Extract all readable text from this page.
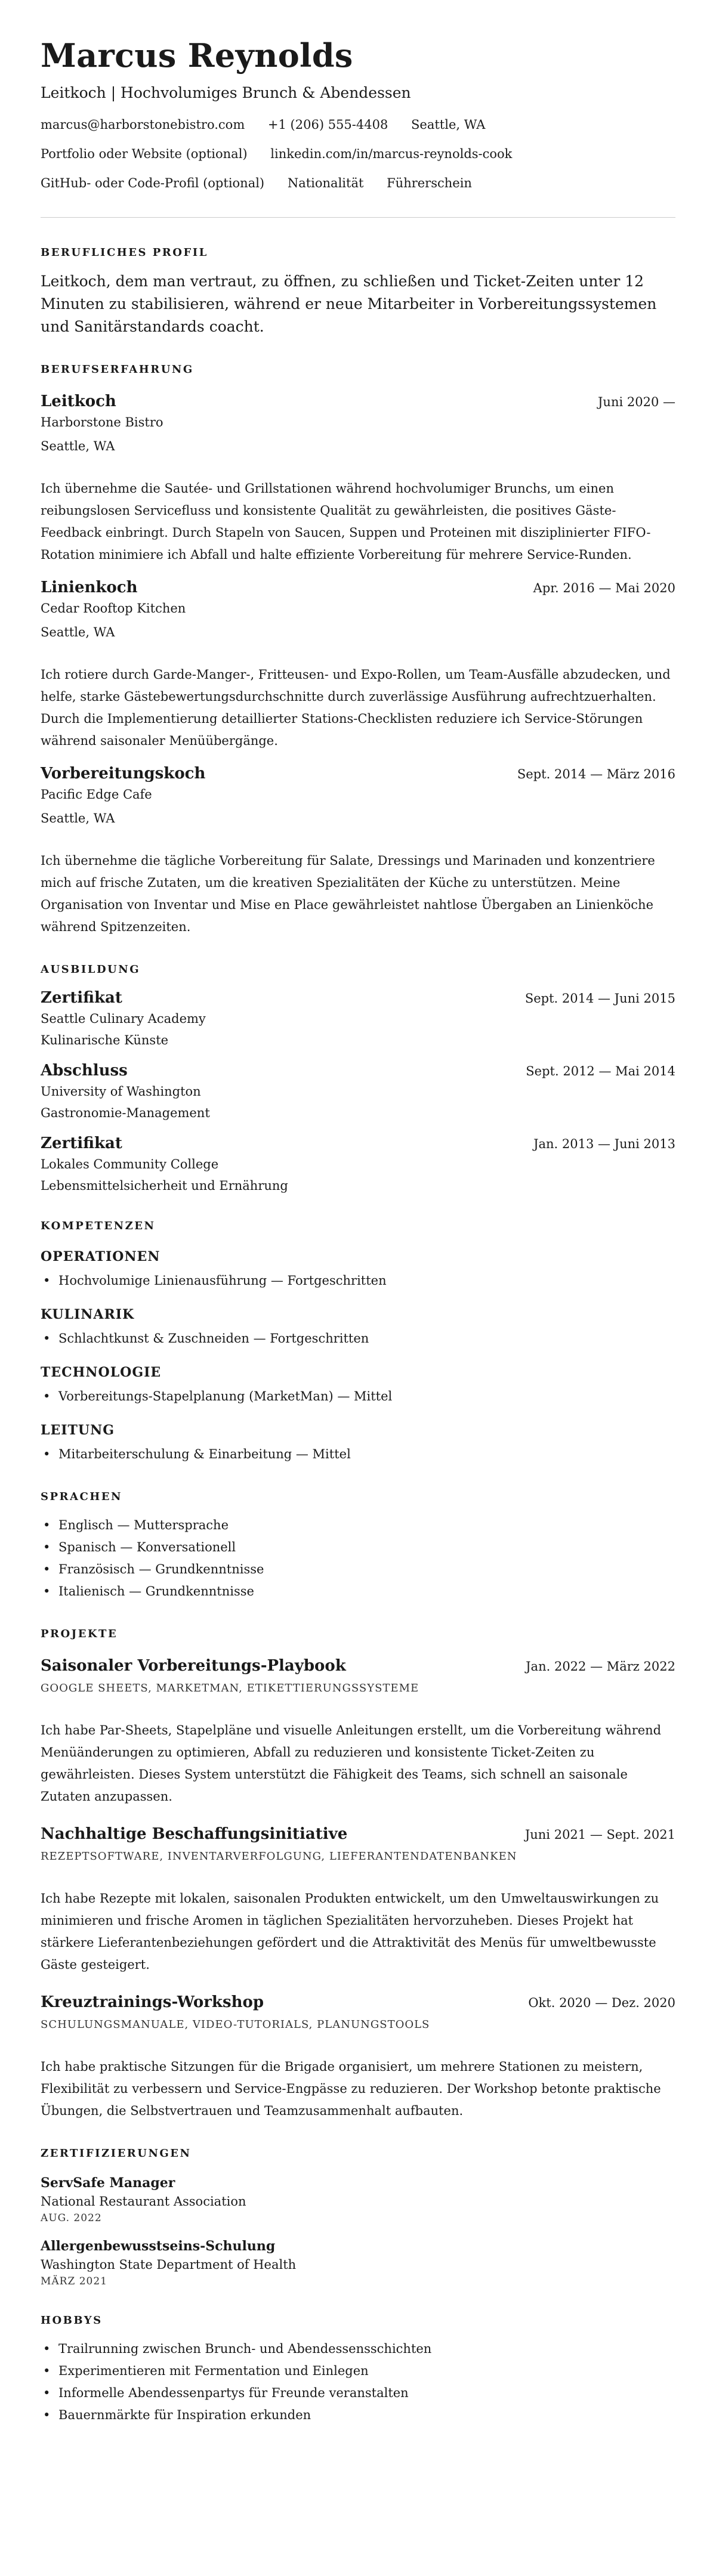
Marcus Reynolds
Leitkoch | Hochvolumiges Brunch & Abendessen
marcus@harborstonebistro.com +1 (206) 555-4408 Seattle, WA
Portfolio oder Website (optional) linkedin.com/in/marcus-reynolds-cook
GitHub- oder Code-Profil (optional) Nationalität Führerschein
BERUFLICHES PROFIL
Leitkoch, dem man vertraut, zu öffnen, zu schließen und Ticket-Zeiten unter 12 Minuten zu stabilisieren, während er neue Mitarbeiter in Vorbereitungssystemen und Sanitärstandards coacht.
BERUFSERFAHRUNG
Leitkoch	Juni 2020 —
Harborstone Bistro
Seattle, WA
Ich übernehme die Sautée- und Grillstationen während hochvolumiger Brunchs, um einen reibungslosen Servicefluss und konsistente Qualität zu gewährleisten, die positives Gäste-Feedback einbringt. Durch Stapeln von Saucen, Suppen und Proteinen mit disziplinierter FIFO-Rotation minimiere ich Abfall und halte effiziente Vorbereitung für mehrere Service-Runden.
Linienkoch	Apr. 2016 — Mai 2020
Cedar Rooftop Kitchen
Seattle, WA
Ich rotiere durch Garde-Manger-, Fritteusen- und Expo-Rollen, um Team-Ausfälle abzudecken, und helfe, starke Gästebewertungsdurchschnitte durch zuverlässige Ausführung aufrechtzuerhalten. Durch die Implementierung detaillierter Stations-Checklisten reduziere ich Service-Störungen während saisonaler Menüübergänge.
Vorbereitungskoch	Sept. 2014 — März 2016
Pacific Edge Cafe
Seattle, WA
Ich übernehme die tägliche Vorbereitung für Salate, Dressings und Marinaden und konzentriere mich auf frische Zutaten, um die kreativen Spezialitäten der Küche zu unterstützen. Meine Organisation von Inventar und Mise en Place gewährleistet nahtlose Übergaben an Linienköche während Spitzenzeiten.
AUSBILDUNG
Zertifikat	Sept. 2014 — Juni 2015
Seattle Culinary Academy
Kulinarische Künste
Abschluss	Sept. 2012 — Mai 2014
University of Washington
Gastronomie-Management
Zertifikat	Jan. 2013 — Juni 2013
Lokales Community College
Lebensmittelsicherheit und Ernährung
KOMPETENZEN
OPERATIONEN
• Hochvolumige Linienausführung — Fortgeschritten
KULINARIK
• Schlachtkunst & Zuschneiden — Fortgeschritten
TECHNOLOGIE
• Vorbereitungs-Stapelplanung (MarketMan) — Mittel
LEITUNG
• Mitarbeiterschulung & Einarbeitung — Mittel
SPRACHEN
• Englisch — Muttersprache
• Spanisch — Konversationell
• Französisch — Grundkenntnisse
• Italienisch — Grundkenntnisse
PROJEKTE
Saisonaler Vorbereitungs-Playbook	Jan. 2022 — März 2022
GOOGLE SHEETS, MARKETMAN, ETIKETTIERUNGSSYSTEME
Ich habe Par-Sheets, Stapelpläne und visuelle Anleitungen erstellt, um die Vorbereitung während Menüänderungen zu optimieren, Abfall zu reduzieren und konsistente Ticket-Zeiten zu gewährleisten. Dieses System unterstützt die Fähigkeit des Teams, sich schnell an saisonale Zutaten anzupassen.
Nachhaltige Beschaffungsinitiative	Juni 2021 — Sept. 2021
REZEPTSOFTWARE, INVENTARVERFOLGUNG, LIEFERANTENDATENBANKEN
Ich habe Rezepte mit lokalen, saisonalen Produkten entwickelt, um den Umweltauswirkungen zu minimieren und frische Aromen in täglichen Spezialitäten hervorzuheben. Dieses Projekt hat stärkere Lieferantenbeziehungen gefördert und die Attraktivität des Menüs für umweltbewusste Gäste gesteigert.
Kreuztrainings-Workshop	Okt. 2020 — Dez. 2020
SCHULUNGSMANUALE, VIDEO-TUTORIALS, PLANUNGSTOOLS
Ich habe praktische Sitzungen für die Brigade organisiert, um mehrere Stationen zu meistern, Flexibilität zu verbessern und Service-Engpässe zu reduzieren. Der Workshop betonte praktische Übungen, die Selbstvertrauen und Teamzusammenhalt aufbauten.
ZERTIFIZIERUNGEN
ServSafe Manager
National Restaurant Association
AUG. 2022
Allergenbewusstseins-Schulung
Washington State Department of Health
MÄRZ 2021
HOBBYS
• Trailrunning zwischen Brunch- und Abendessensschichten
• Experimentieren mit Fermentation und Einlegen
• Informelle Abendessenpartys für Freunde veranstalten
• Bauernmärkte für Inspiration erkunden
